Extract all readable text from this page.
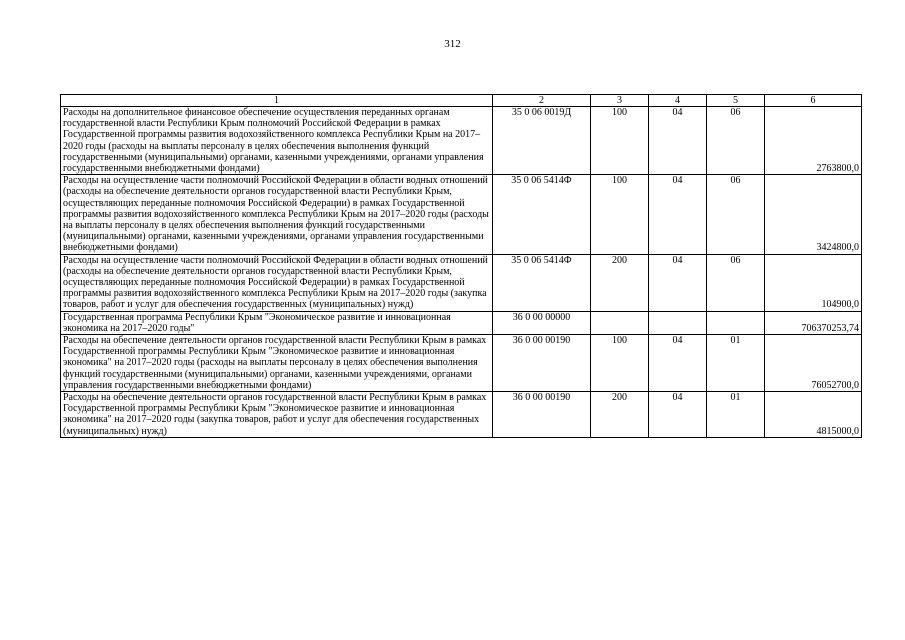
312
1	2	3	4	5	6
Расходы на дополнительное финансовое обеспечение осуществления переданных органам государственной власти Республики Крым полномочий Российской Федерации в рамках Государственной программы развития водохозяйственного комплекса Республики Крым на 2017–2020 годы (расходы на выплаты персоналу в целях обеспечения выполнения функций государственными (муниципальными) органами, казенными учреждениями, органами управления государственными внебюджетными фондами)	35 0 06 0019Д	100	04	06	2763800,0
Расходы на осуществление части полномочий Российской Федерации в области водных отношений (расходы на обеспечение деятельности органов государственной власти Республики Крым, осуществляющих переданные полномочия Российской Федерации) в рамках Государственной программы развития водохозяйственного комплекса Республики Крым на 2017–2020 годы (расходы на выплаты персоналу в целях обеспечения выполнения функций государственными (муниципальными) органами, казенными учреждениями, органами управления государственными внебюджетными фондами)	35 0 06 5414Ф	100	04	06	3424800,0
Расходы на осуществление части полномочий Российской Федерации в области водных отношений (расходы на обеспечение деятельности органов государственной власти Республики Крым, осуществляющих переданные полномочия Российской Федерации) в рамках Государственной программы развития водохозяйственного комплекса Республики Крым на 2017–2020 годы (закупка товаров, работ и услуг для обеспечения государственных (муниципальных) нужд)	35 0 06 5414Ф	200	04	06	104900,0
Государственная программа Республики Крым "Экономическое развитие и инновационная экономика на 2017–2020 годы"	36 0 00 00000				706370253,74
Расходы на обеспечение деятельности органов государственной власти Республики Крым в рамках Государственной программы Республики Крым "Экономическое развитие и инновационная экономика" на 2017–2020 годы (расходы на выплаты персоналу в целях обеспечения выполнения функций государственными (муниципальными) органами, казенными учреждениями, органами управления государственными внебюджетными фондами)	36 0 00 00190	100	04	01	76052700,0
Расходы на обеспечение деятельности органов государственной власти Республики Крым в рамках Государственной программы Республики Крым "Экономическое развитие и инновационная экономика" на 2017–2020 годы (закупка товаров, работ и услуг для обеспечения государственных (муниципальных) нужд)	36 0 00 00190	200	04	01	4815000,0
